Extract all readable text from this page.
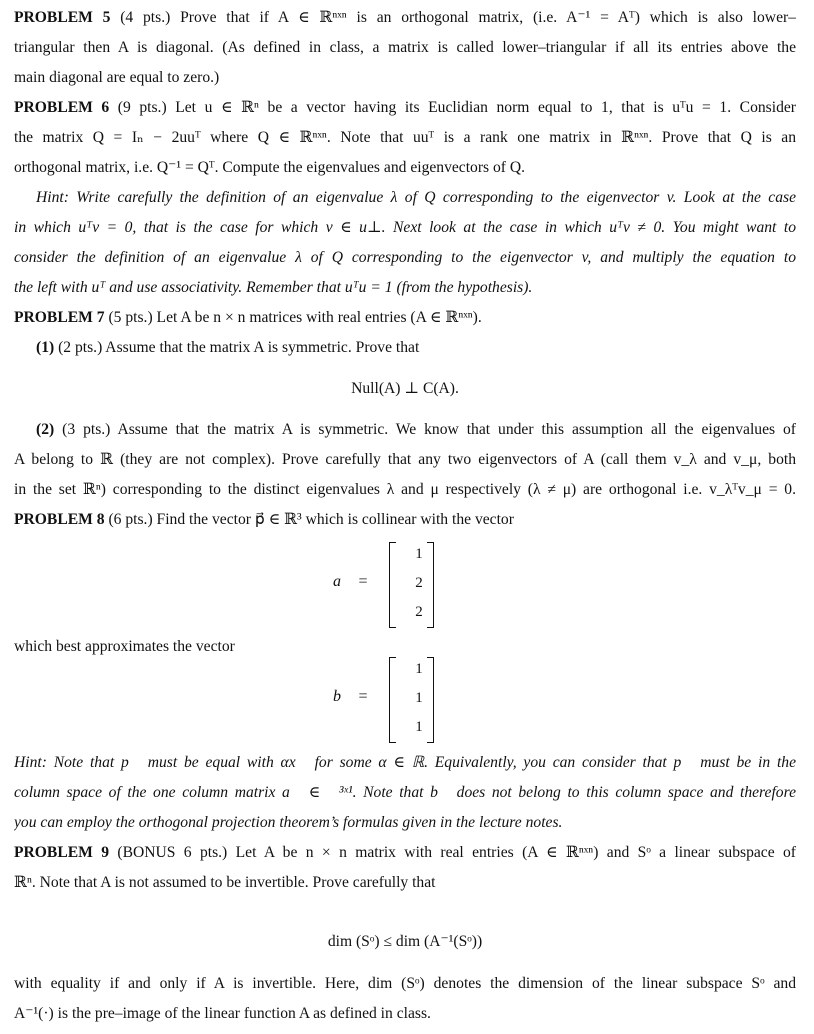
PROBLEM 5 (4 pts.) Prove that if A ∈ ℝⁿˣⁿ is an orthogonal matrix, (i.e. A⁻¹ = Aᵀ) which is also lower–
triangular then A is diagonal. (As defined in class, a matrix is called lower–triangular if all its entries above the
main diagonal are equal to zero.)
PROBLEM 6 (9 pts.) Let u ∈ ℝⁿ be a vector having its Euclidian norm equal to 1, that is uᵀu = 1. Consider
the matrix Q = Iₙ − 2uuᵀ where Q ∈ ℝⁿˣⁿ. Note that uuᵀ is a rank one matrix in ℝⁿˣⁿ. Prove that Q is an
orthogonal matrix, i.e. Q⁻¹ = Qᵀ. Compute the eigenvalues and eigenvectors of Q.
Hint: Write carefully the definition of an eigenvalue λ of Q corresponding to the eigenvector v. Look at the case
in which uᵀv = 0, that is the case for which v ∈ u⊥. Next look at the case in which uᵀv ≠ 0. You might want to
consider the definition of an eigenvalue λ of Q corresponding to the eigenvector v, and multiply the equation to
the left with uᵀ and use associativity. Remember that uᵀu = 1 (from the hypothesis).
PROBLEM 7 (5 pts.) Let A be n × n matrices with real entries (A ∈ ℝⁿˣⁿ).
(1) (2 pts.) Assume that the matrix A is symmetric. Prove that
Null(A) ⊥ C(A).
(2) (3 pts.) Assume that the matrix A is symmetric. We know that under this assumption all the eigenvalues of
A belong to ℝ (they are not complex). Prove carefully that any two eigenvectors of A (call them v_λ and v_μ, both
in the set ℝⁿ) corresponding to the distinct eigenvalues λ and μ respectively (λ ≠ μ) are orthogonal i.e. v_λᵀv_μ = 0.
PROBLEM 8 (6 pts.) Find the vector p⃗ ∈ ℝ³ which is collinear with the vector
a⃗ =
1
2
2
which best approximates the vector
b⃗ =
1
1
1
Hint: Note that p⃗ must be equal with αx⃗ for some α ∈ ℝ. Equivalently, you can consider that p⃗ must be in the
column space of the one column matrix a⃗ ∈ ℝ³ˣ¹. Note that b⃗ does not belong to this column space and therefore
you can employ the orthogonal projection theorem’s formulas given in the lecture notes.
PROBLEM 9 (BONUS 6 pts.) Let A be n × n matrix with real entries (A ∈ ℝⁿˣⁿ) and Sᵒ a linear subspace of
ℝⁿ. Note that A is not assumed to be invertible. Prove carefully that
dim (Sᵒ) ≤ dim (A⁻¹(Sᵒ))
with equality if and only if A is invertible. Here, dim (Sᵒ) denotes the dimension of the linear subspace Sᵒ and
A⁻¹(·) is the pre–image of the linear function A as defined in class.
